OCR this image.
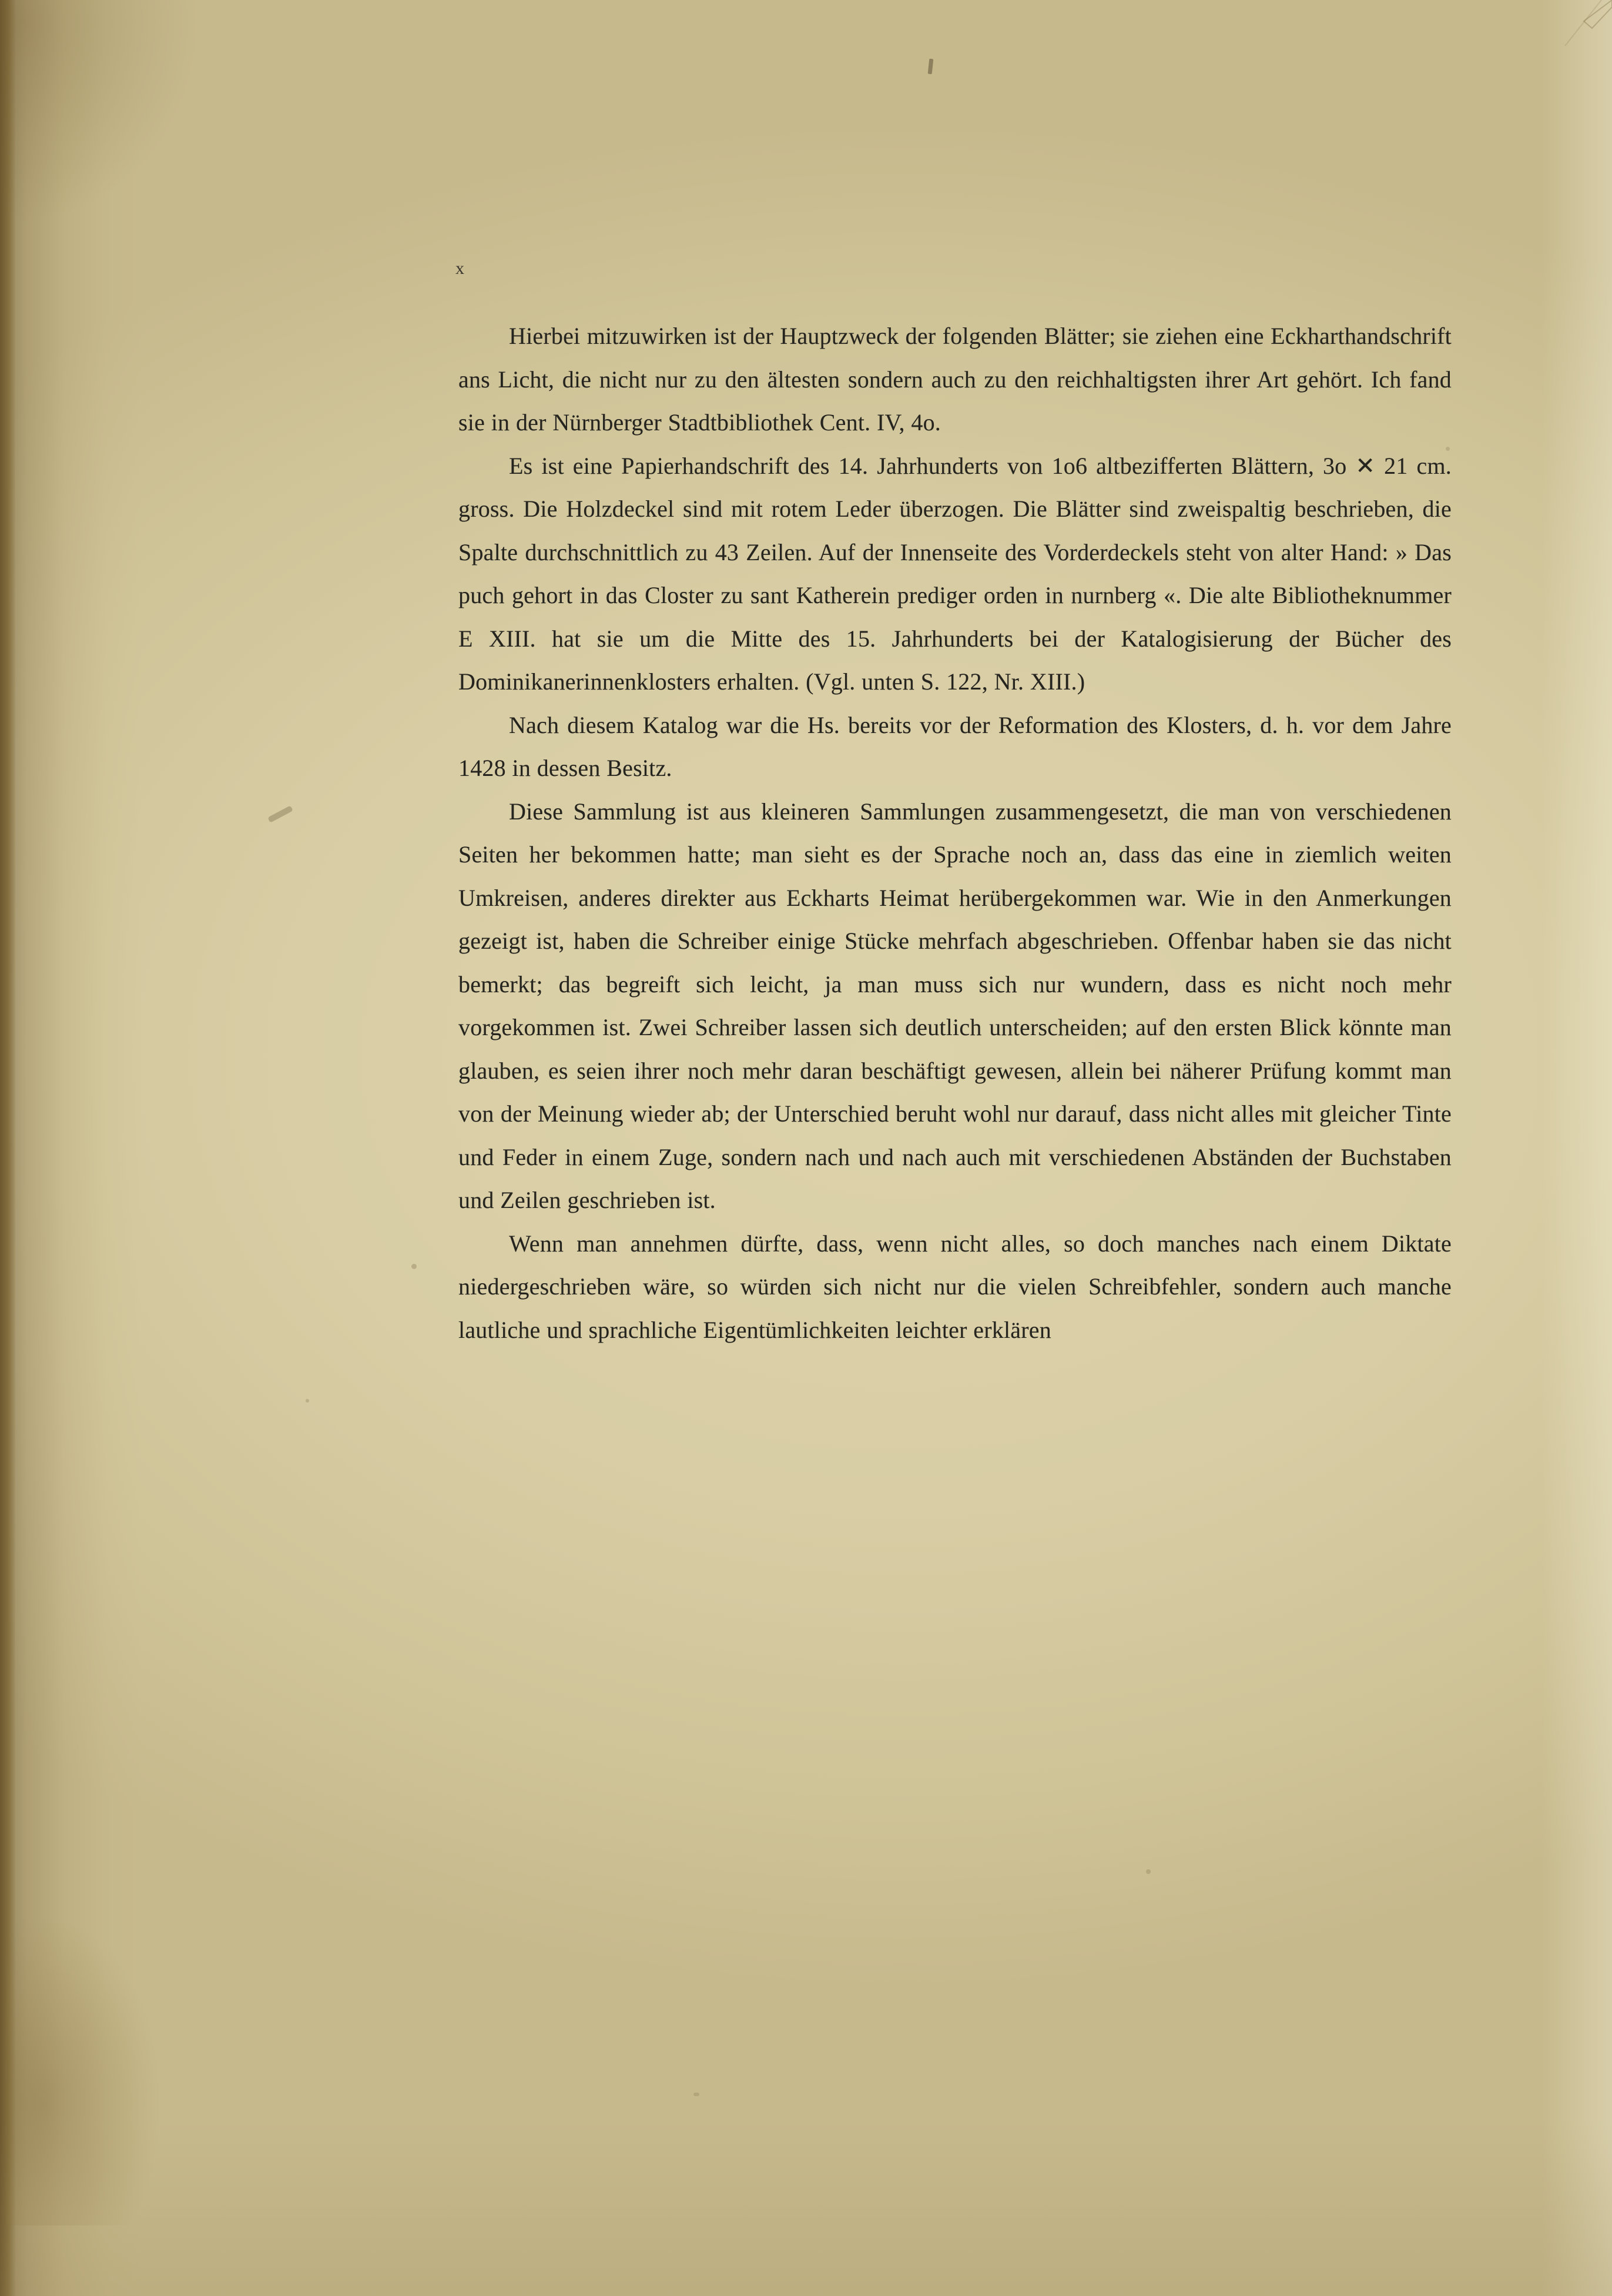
x

Hierbei mitzuwirken ist der Hauptzweck der folgenden Blätter; sie ziehen eine Eckharthandschrift ans Licht, die nicht nur zu den ältesten sondern auch zu den reichhaltigsten ihrer Art gehört. Ich fand sie in der Nürnberger Stadtbibliothek Cent. IV, 4o.

Es ist eine Papierhandschrift des 14. Jahrhunderts von 1o6 altbezifferten Blättern, 3o ✕ 21 cm. gross. Die Holzdeckel sind mit rotem Leder überzogen. Die Blätter sind zweispaltig beschrieben, die Spalte durchschnittlich zu 43 Zeilen. Auf der Innenseite des Vorderdeckels steht von alter Hand: » Das puch gehort in das Closter zu sant Katherein prediger orden in nurnberg «. Die alte Bibliotheknummer E XIII. hat sie um die Mitte des 15. Jahrhunderts bei der Katalogisierung der Bücher des Dominikanerinnenklosters erhalten. (Vgl. unten S. 122, Nr. XIII.)

Nach diesem Katalog war die Hs. bereits vor der Reformation des Klosters, d. h. vor dem Jahre 1428 in dessen Besitz.

Diese Sammlung ist aus kleineren Sammlungen zusammengesetzt, die man von verschiedenen Seiten her bekommen hatte; man sieht es der Sprache noch an, dass das eine in ziemlich weiten Umkreisen, anderes direkter aus Eckharts Heimat herübergekommen war. Wie in den Anmerkungen gezeigt ist, haben die Schreiber einige Stücke mehrfach abgeschrieben. Offenbar haben sie das nicht bemerkt; das begreift sich leicht, ja man muss sich nur wundern, dass es nicht noch mehr vorgekommen ist. Zwei Schreiber lassen sich deutlich unterscheiden; auf den ersten Blick könnte man glauben, es seien ihrer noch mehr daran beschäftigt gewesen, allein bei näherer Prüfung kommt man von der Meinung wieder ab; der Unterschied beruht wohl nur darauf, dass nicht alles mit gleicher Tinte und Feder in einem Zuge, sondern nach und nach auch mit verschiedenen Abständen der Buchstaben und Zeilen geschrieben ist.

Wenn man annehmen dürfte, dass, wenn nicht alles, so doch manches nach einem Diktate niedergeschrieben wäre, so würden sich nicht nur die vielen Schreibfehler, sondern auch manche lautliche und sprachliche Eigentümlichkeiten leichter erklären
